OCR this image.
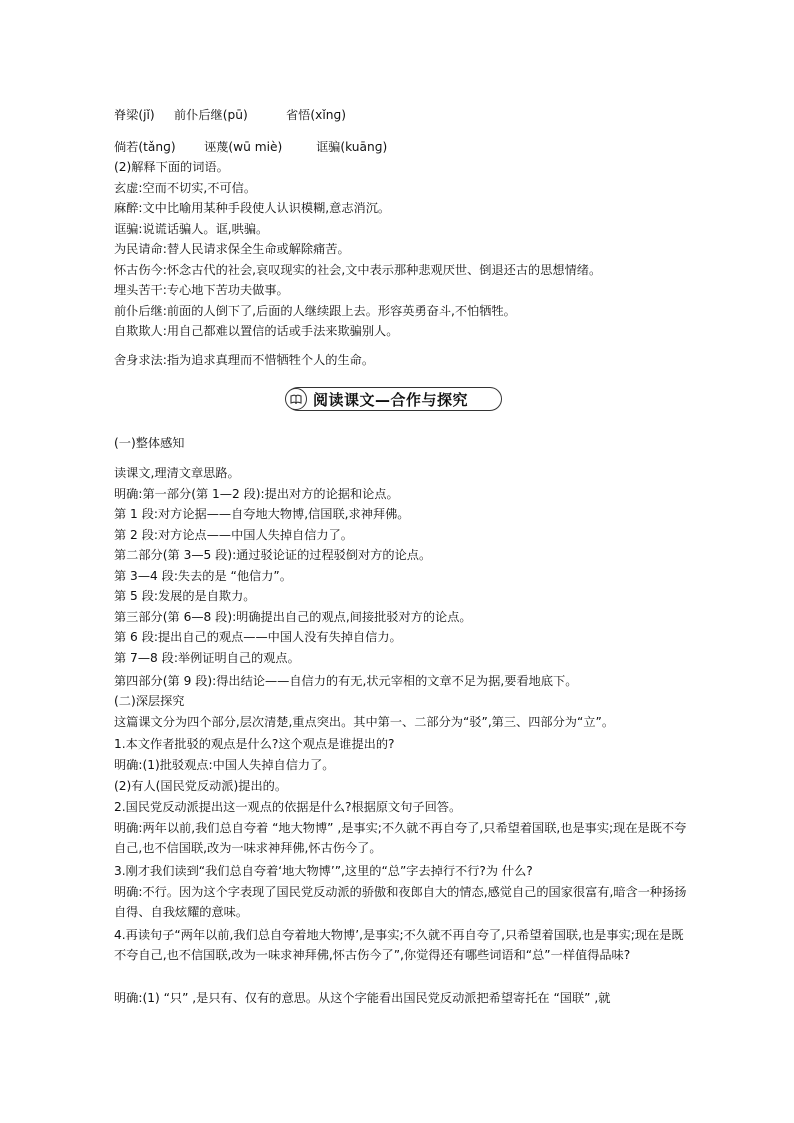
脊梁(jǐ) 前仆后继(pū)	省悟(xǐnɡ)
倘若(tǎnɡ) 诬蔑(wū miè)	诓骗(kuānɡ)
(2)解释下面的词语。
玄虚:空而不切实,不可信。
麻醉:文中比喻用某种手段使人认识模糊,意志消沉。
诓骗:说谎话骗人。诓,哄骗。
为民请命:替人民请求保全生命或解除痛苦。
怀古伤今:怀念古代的社会,哀叹现实的社会,文中表示那种悲观厌世、倒退还古的思想情绪。
埋头苦干:专心地下苦功夫做事。
前仆后继:前面的人倒下了,后面的人继续跟上去。形容英勇奋斗,不怕牺牲。
自欺欺人:用自己都难以置信的话或手法来欺骗别人。
舍身求法:指为追求真理而不惜牺牲个人的生命。
阅读课文—合作与探究
(一)整体感知
读课文,理清文章思路。
明确:第一部分(第 1—2 段):提出对方的论据和论点。
第 1 段:对方论据——自夸地大物博,信国联,求神拜佛。
第 2 段:对方论点——中国人失掉自信力了。
第二部分(第 3—5 段):通过驳论证的过程驳倒对方的论点。
第 3—4 段:失去的是 “他信力”。
第 5 段:发展的是自欺力。
第三部分(第 6—8 段):明确提出自己的观点,间接批驳对方的论点。
第 6 段:提出自己的观点——中国人没有失掉自信力。
第 7—8 段:举例证明自己的观点。
第四部分(第 9 段):得出结论——自信力的有无,状元宰相的文章不足为据,要看地底下。
(二)深层探究
这篇课文分为四个部分,层次清楚,重点突出。其中第一、二部分为“驳”,第三、四部分为“立”。
1.本文作者批驳的观点是什么?这个观点是谁提出的?
明确:(1)批驳观点:中国人失掉自信力了。
(2)有人(国民党反动派)提出的。
2.国民党反动派提出这一观点的依据是什么?根据原文句子回答。
明确:两年以前,我们总自夸着 “地大物博” ,是事实;不久就不再自夸了,只希望着国联,也是事实;现在是既不夸自己,也不信国联,改为一味求神拜佛,怀古伤今了。
3.刚才我们读到“我们总自夸着‘地大物博’”,这里的“总”字去掉行不行?为 什么?
明确:不行。因为这个字表现了国民党反动派的骄傲和夜郎自大的情态,感觉自己的国家很富有,暗含一种扬扬自得、自我炫耀的意味。
4.再读句子“两年以前,我们总自夸着地大物博’,是事实;不久就不再自夸了,只希望着国联,也是事实;现在是既不夸自己,也不信国联,改为一味求神拜佛,怀古伤今了”,你觉得还有哪些词语和“总”一样值得品味?
明确:(1) “只” ,是只有、仅有的意思。从这个字能看出国民党反动派把希望寄托在 “国联” ,就
